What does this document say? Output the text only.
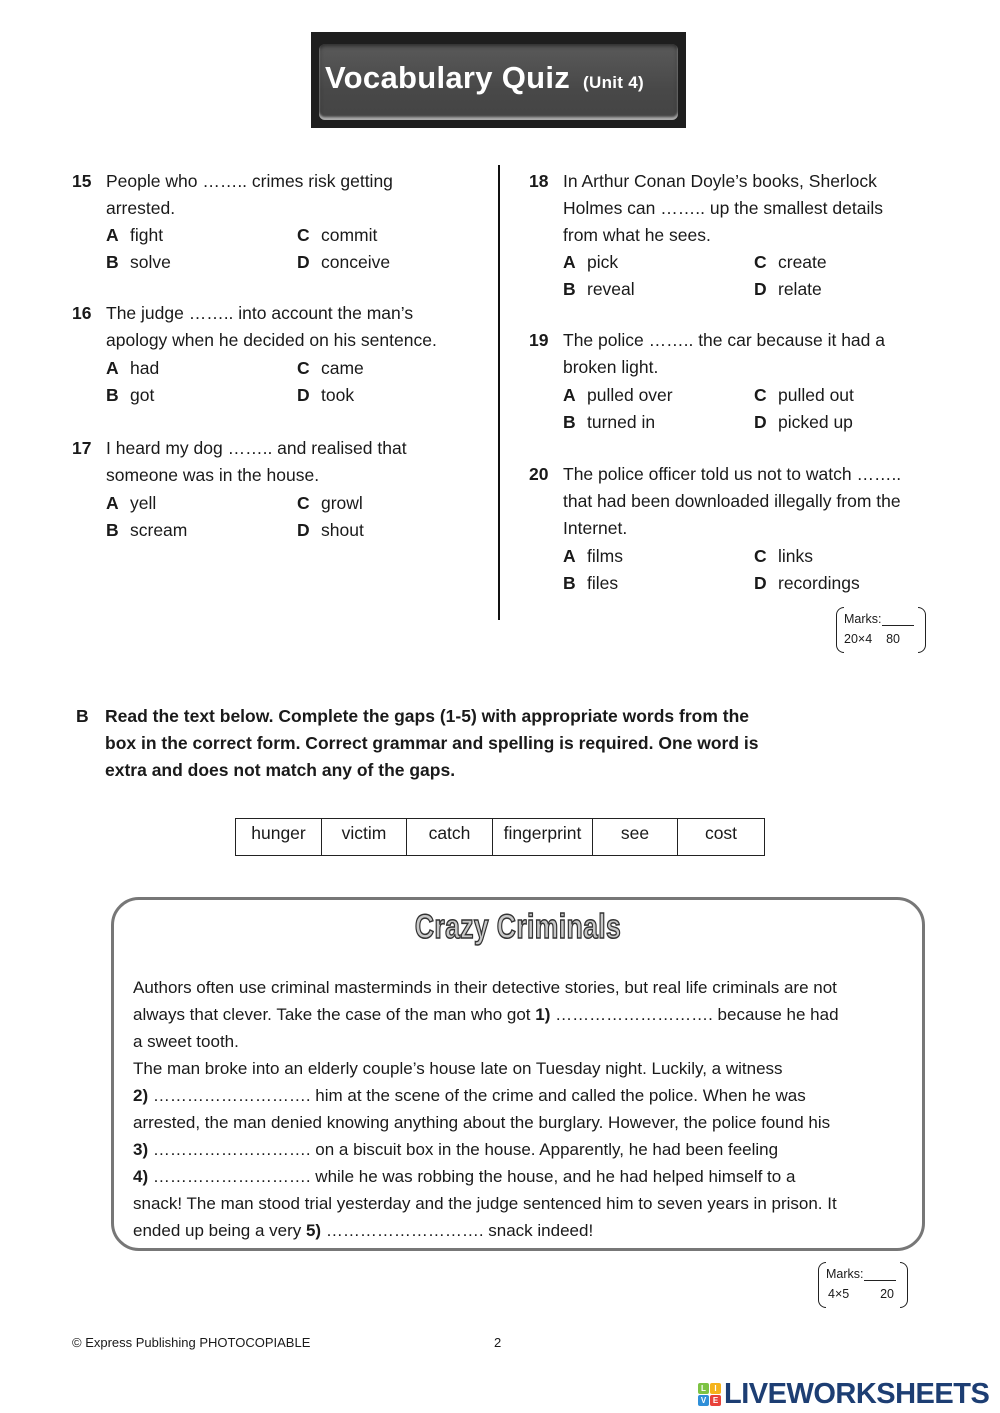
Vocabulary Quiz (Unit 4)
15 People who …….. crimes risk getting
arrested.
A fight
B solve
C commit
D conceive
16 The judge …….. into account the man’s
apology when he decided on his sentence.
A had
B got
C came
D took
17 I heard my dog …….. and realised that
someone was in the house.
A yell
B scream
C growl
D shout
18 In Arthur Conan Doyle’s books, Sherlock
Holmes can …….. up the smallest details
from what he sees.
A pick
B reveal
C create
D relate
19 The police …….. the car because it had a
broken light.
A pulled over
B turned in
C pulled out
D picked up
20 The police officer told us not to watch ……..
that had been downloaded illegally from the
Internet.
A films
B files
C links
D recordings
Marks:
20×4 80
B Read the text below. Complete the gaps (1-5) with appropriate words from the
box in the correct form. Correct grammar and spelling is required. One word is
extra and does not match any of the gaps.
hunger	victim	catch	fingerprint	see	cost
Crazy Criminals
Authors often use criminal masterminds in their detective stories, but real life criminals are not
always that clever. Take the case of the man who got 1) ………………………. because he had
a sweet tooth.
The man broke into an elderly couple’s house late on Tuesday night. Luckily, a witness
2) ………………………. him at the scene of the crime and called the police. When he was
arrested, the man denied knowing anything about the burglary. However, the police found his
3) ………………………. on a biscuit box in the house. Apparently, he had been feeling
4) ………………………. while he was robbing the house, and he had helped himself to a
snack! The man stood trial yesterday and the judge sentenced him to seven years in prison. It
ended up being a very 5) ………………………. snack indeed!
Marks:
4×5 20
© Express Publishing PHOTOCOPIABLE	2
L	I
V E LIVEWORKSHEETS
